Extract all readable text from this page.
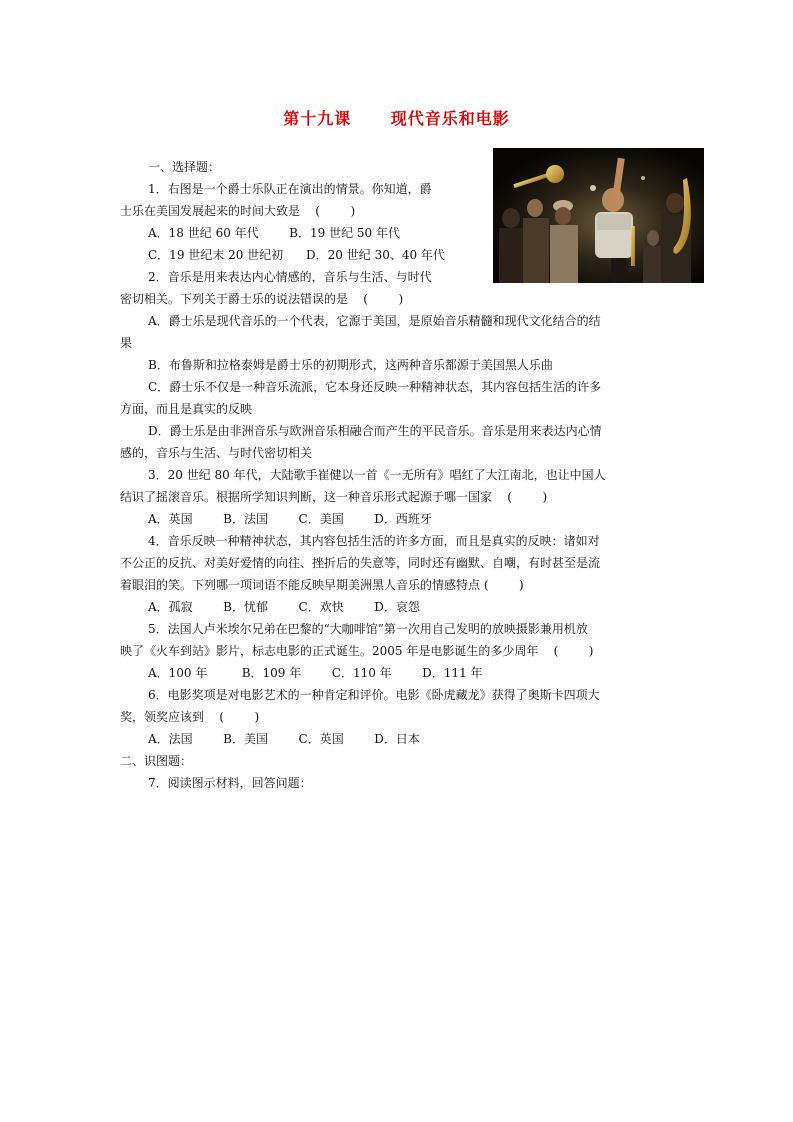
第十九课      现代音乐和电影
一、选择题：
1．右图是一个爵士乐队正在演出的情景。你知道，爵
士乐在美国发展起来的时间大致是    (        )
A．18 世纪 60 年代        B．19 世纪 50 年代
C．19 世纪末 20 世纪初      D．20 世纪 30、40 年代
2．音乐是用来表达内心情感的，音乐与生活、与时代
密切相关。下列关于爵士乐的说法错误的是    (        )
A．爵士乐是现代音乐的一个代表，它源于美国，是原始音乐精髓和现代文化结合的结
果
B．布鲁斯和拉格泰姆是爵士乐的初期形式，这两种音乐都源于美国黑人乐曲
C．爵士乐不仅是一种音乐流派，它本身还反映一种精神状态，其内容包括生活的许多
方面，而且是真实的反映
D．爵士乐是由非洲音乐与欧洲音乐相融合而产生的平民音乐。音乐是用来表达内心情
感的，音乐与生活、与时代密切相关
3．20 世纪 80 年代，大陆歌手崔健以一首《一无所有》唱红了大江南北，也让中国人
结识了摇滚音乐。根据所学知识判断，这一种音乐形式起源于哪一国家    (        )
A．英国        B．法国        C．美国        D．西班牙
4．音乐反映一种精神状态，其内容包括生活的许多方面，而且是真实的反映：诸如对
不公正的反抗、对美好爱情的向往、挫折后的失意等，同时还有幽默、自嘲，有时甚至是流
着眼泪的笑。下列哪一项词语不能反映早期美洲黑人音乐的情感特点 (        )
A．孤寂        B．忧郁        C．欢快        D．哀怨
5．法国人卢米埃尔兄弟在巴黎的“大咖啡馆”第一次用自己发明的放映摄影兼用机放
映了《火车到站》影片，标志电影的正式诞生。2005 年是电影诞生的多少周年    (        )
A．100 年         B．109 年        C．110 年        D．111 年
6．电影奖项是对电影艺术的一种肯定和评价。电影《卧虎藏龙》获得了奥斯卡四项大
奖，领奖应该到    (        )
A．法国        B．美国        C．英国        D．日本
二、识图题：
7．阅读图示材料，回答问题：
